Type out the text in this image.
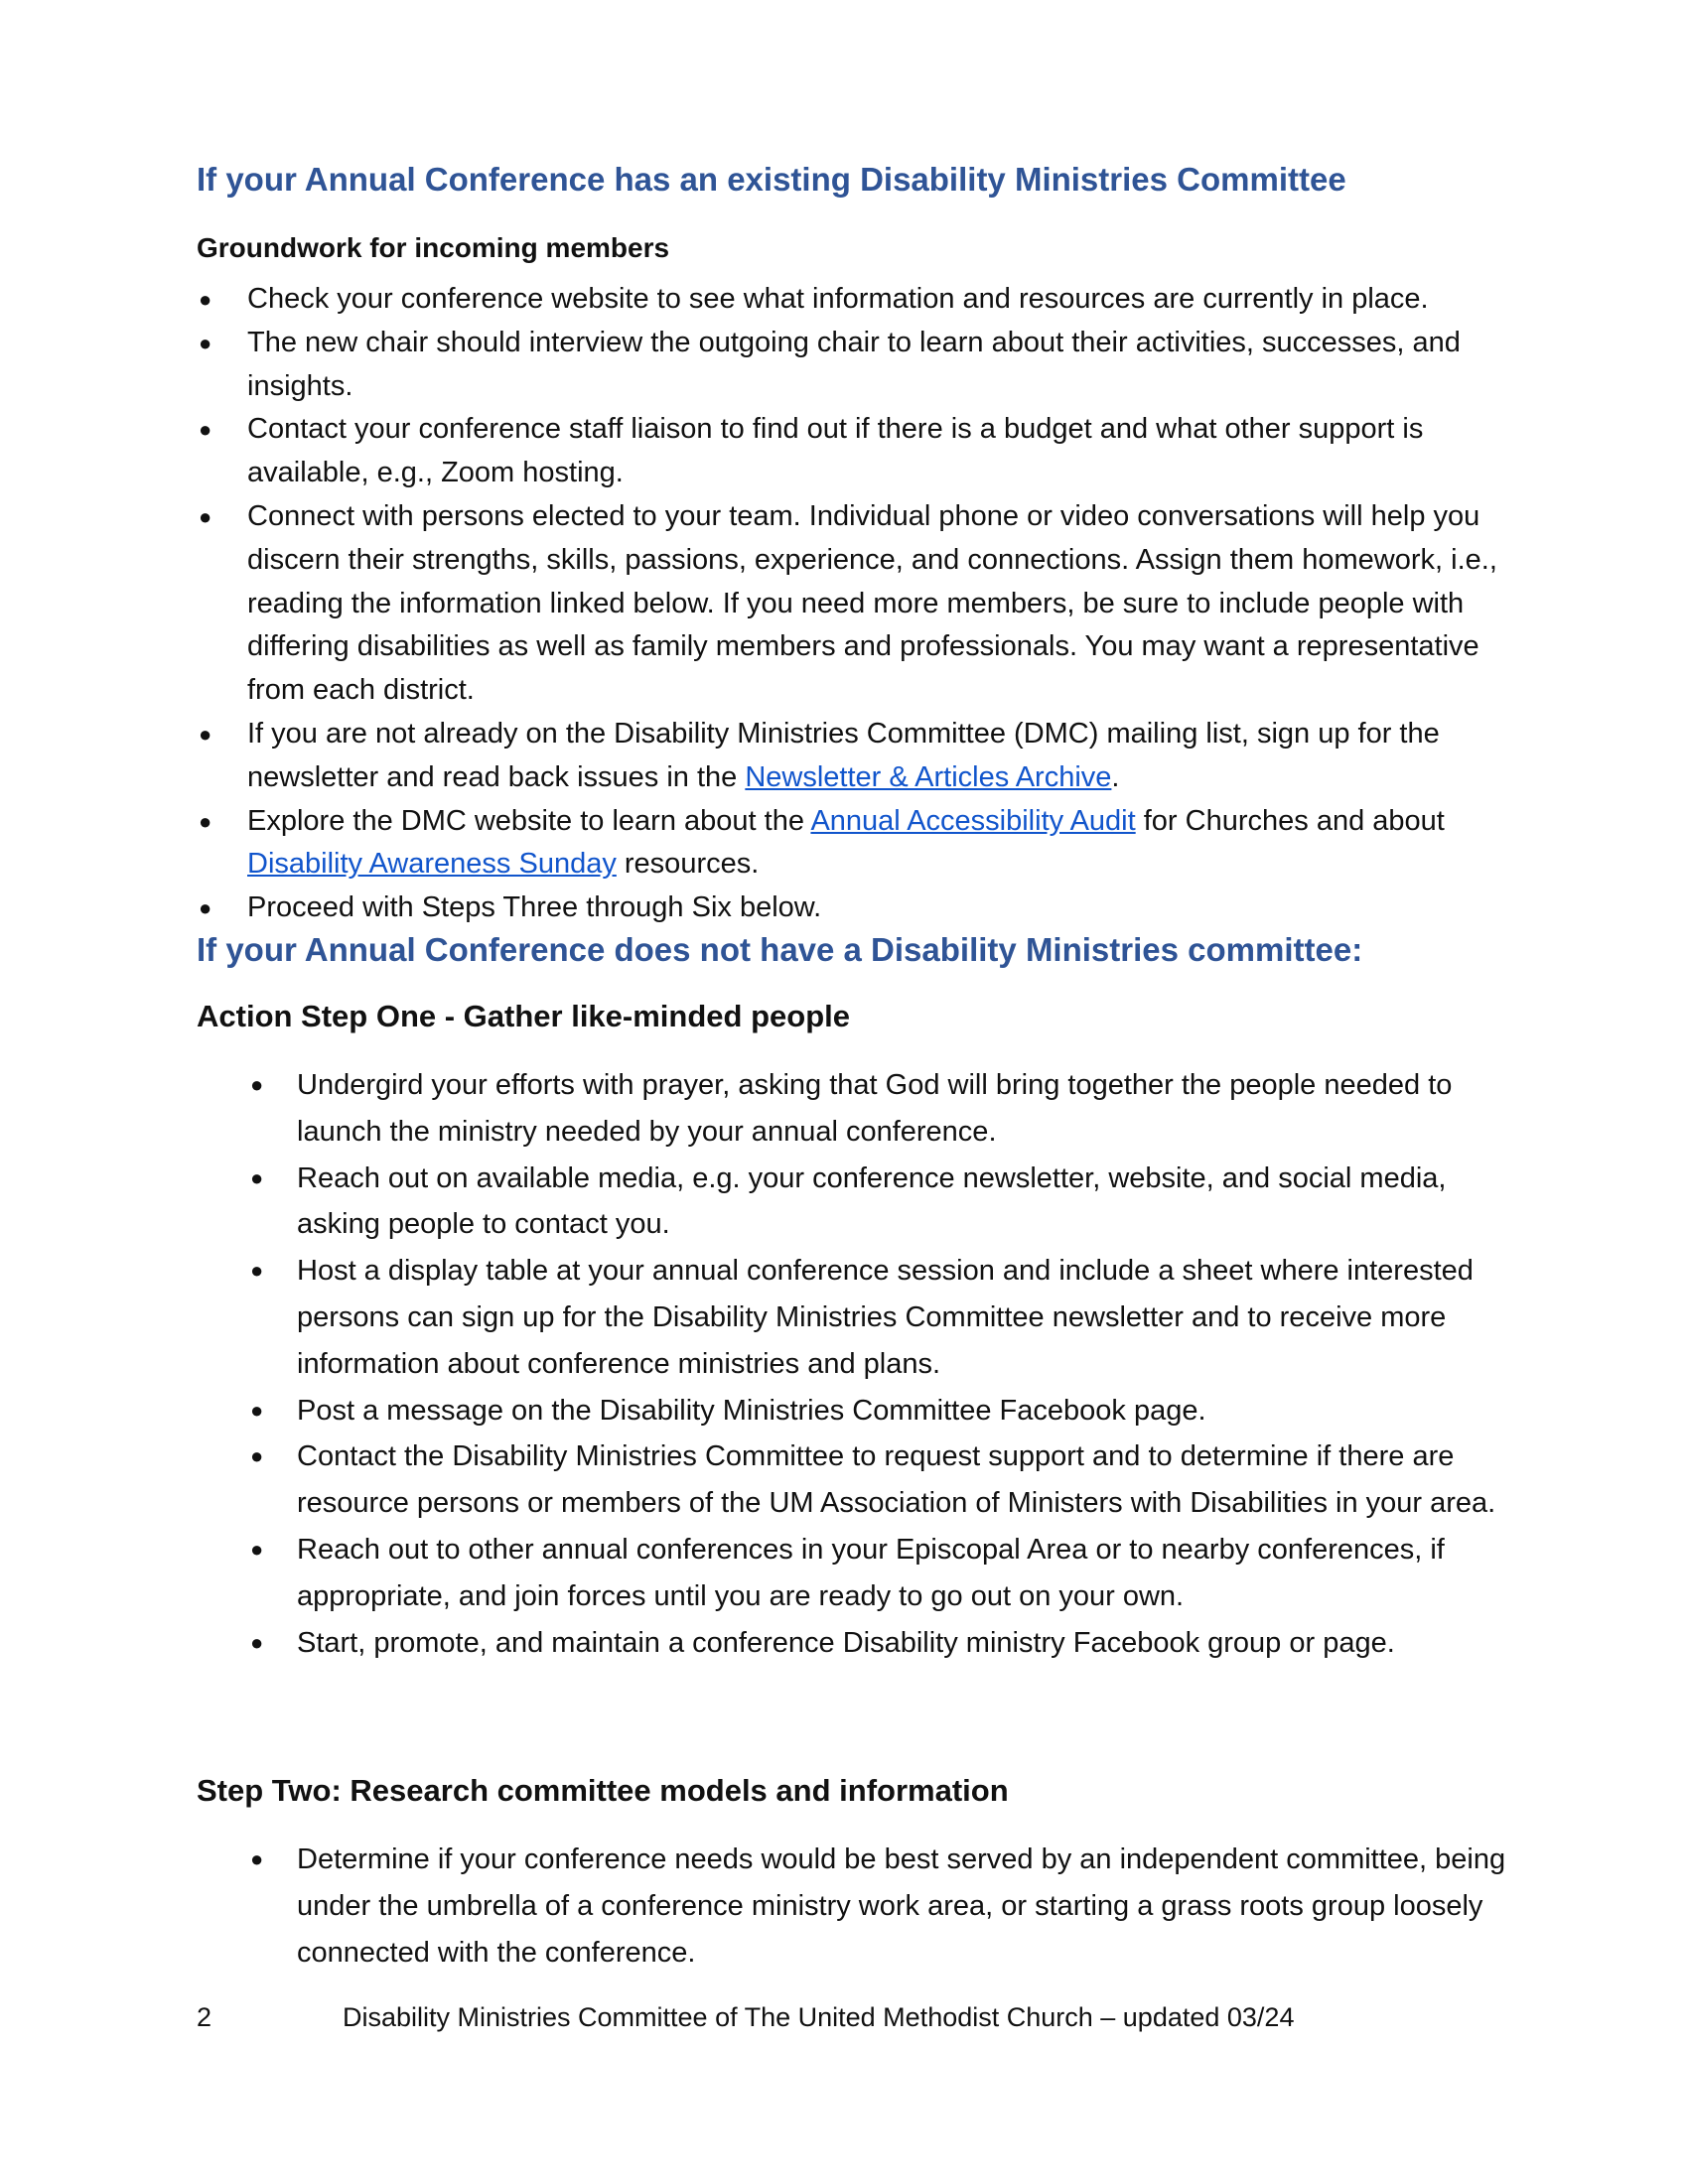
If your Annual Conference has an existing Disability Ministries Committee
Groundwork for incoming members
● Check your conference website to see what information and resources are currently in place.
● The new chair should interview the outgoing chair to learn about their activities, successes, and insights.
● Contact your conference staff liaison to find out if there is a budget and what other support is available, e.g., Zoom hosting.
● Connect with persons elected to your team. Individual phone or video conversations will help you discern their strengths, skills, passions, experience, and connections. Assign them homework, i.e., reading the information linked below. If you need more members, be sure to include people with differing disabilities as well as family members and professionals. You may want a representative from each district.
● If you are not already on the Disability Ministries Committee (DMC) mailing list, sign up for the newsletter and read back issues in the Newsletter & Articles Archive.
● Explore the DMC website to learn about the Annual Accessibility Audit for Churches and about Disability Awareness Sunday resources.
● Proceed with Steps Three through Six below.
If your Annual Conference does not have a Disability Ministries committee:
Action Step One - Gather like-minded people
● Undergird your efforts with prayer, asking that God will bring together the people needed to launch the ministry needed by your annual conference.
● Reach out on available media, e.g. your conference newsletter, website, and social media, asking people to contact you.
● Host a display table at your annual conference session and include a sheet where interested persons can sign up for the Disability Ministries Committee newsletter and to receive more information about conference ministries and plans.
● Post a message on the Disability Ministries Committee Facebook page.
● Contact the Disability Ministries Committee to request support and to determine if there are resource persons or members of the UM Association of Ministers with Disabilities in your area.
● Reach out to other annual conferences in your Episcopal Area or to nearby conferences, if appropriate, and join forces until you are ready to go out on your own.
● Start, promote, and maintain a conference Disability ministry Facebook group or page.
Step Two: Research committee models and information
● Determine if your conference needs would be best served by an independent committee, being under the umbrella of a conference ministry work area, or starting a grass roots group loosely connected with the conference.
2	Disability Ministries Committee of The United Methodist Church – updated 03/24
